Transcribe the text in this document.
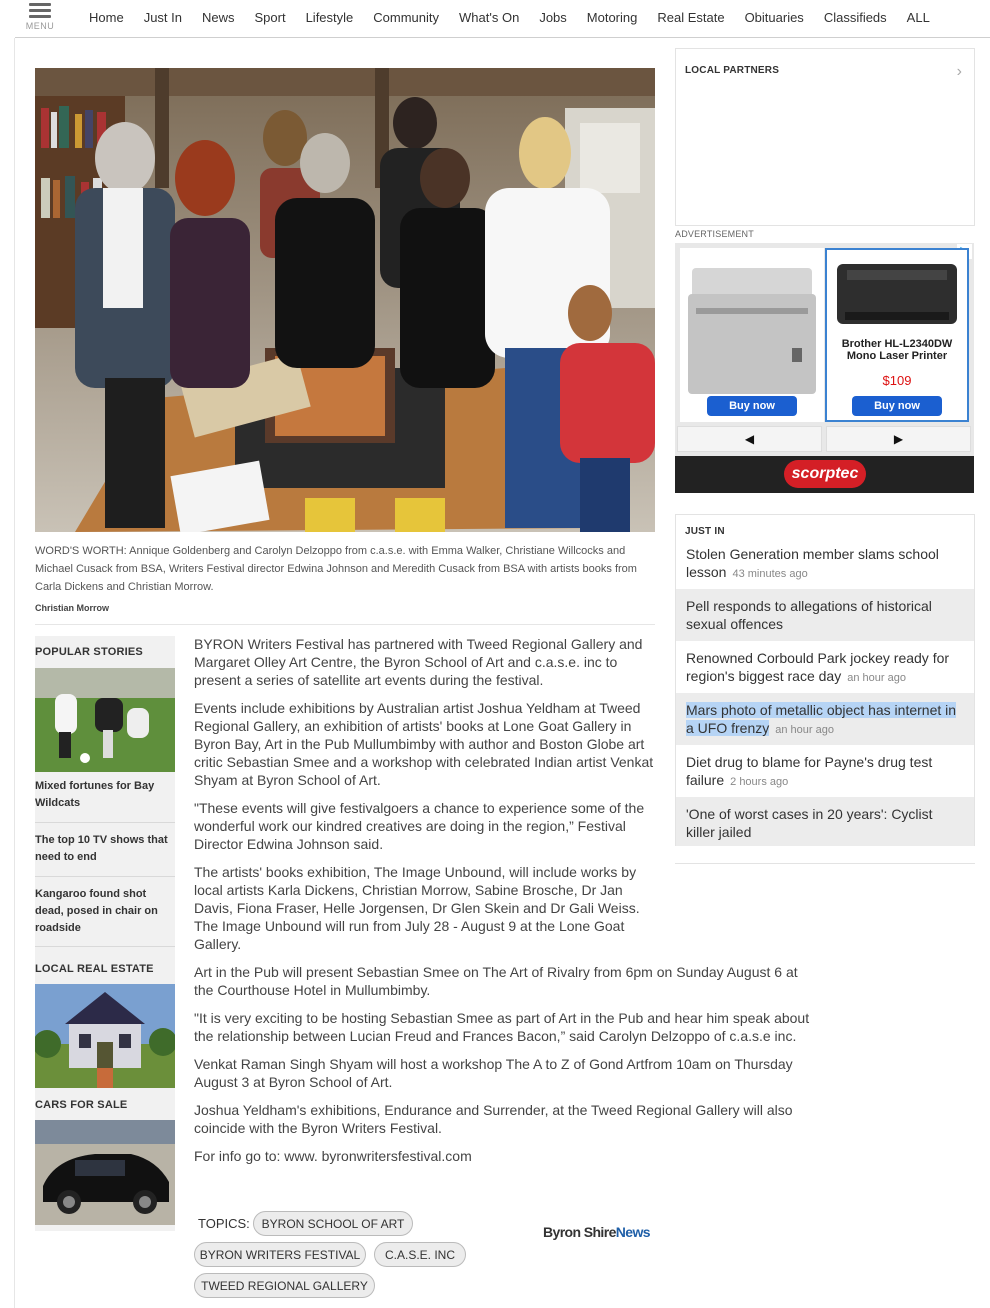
MENU
Home Just In News Sport Lifestyle Community What's On Jobs Motoring Real Estate Obituaries Classifieds ALL

WORD'S WORTH: Annique Goldenberg and Carolyn Delzoppo from c.a.s.e. with Emma Walker, Christiane Willcocks and Michael Cusack from BSA, Writers Festival director Edwina Johnson and Meredith Cusack from BSA with artists books from Carla Dickens and Christian Morrow.

Christian Morrow
POPULAR STORIES
Mixed fortunes for Bay Wildcats
The top 10 TV shows that need to end
Kangaroo found shot dead, posed in chair on roadside
LOCAL REAL ESTATE
CARS FOR SALE

BYRON Writers Festival has partnered with Tweed Regional Gallery and Margaret Olley Art Centre, the Byron School of Art and c.a.s.e. inc to present a series of satellite art events during the festival.

Events include exhibitions by Australian artist Joshua Yeldham at Tweed Regional Gallery, an exhibition of artists' books at Lone Goat Gallery in Byron Bay, Art in the Pub Mullumbimby with author and Boston Globe art critic Sebastian Smee and a workshop with celebrated Indian artist Venkat Shyam at Byron School of Art.

"These events will give festivalgoers a chance to experience some of the wonderful work our kindred creatives are doing in the region,” Festival Director Edwina Johnson said.

The artists' books exhibition, The Image Unbound, will include works by local artists Karla Dickens, Christian Morrow, Sabine Brosche, Dr Jan Davis, Fiona Fraser, Helle Jorgensen, Dr Glen Skein and Dr Gali Weiss. The Image Unbound will run from July 28 - August 9 at the Lone Goat Gallery.

Art in the Pub will present Sebastian Smee on The Art of Rivalry from 6pm on Sunday August 6 at the Courthouse Hotel in Mullumbimby.

"It is very exciting to be hosting Sebastian Smee as part of Art in the Pub and hear him speak about the relationship between Lucian Freud and Frances Bacon,” said Carolyn Delzoppo of c.a.s.e inc.

Venkat Raman Singh Shyam will host a workshop The A to Z of Gond Artfrom 10am on Thursday August 3 at Byron School of Art.

Joshua Yeldham's exhibitions, Endurance and Surrender, at the Tweed Regional Gallery will also coincide with the Byron Writers Festival.

For info go to: www. byronwritersfestival.com

TOPICS: BYRON SCHOOL OF ART
BYRON WRITERS FESTIVAL	C.A.S.E. INC
TWEED REGIONAL GALLERY
Byron ShireNews
LOCAL PARTNERS	›
ADVERTISEMENT
Buy now
Brother HL-L2340DW Mono Laser Printer
$109
Buy now
◀	▶
scorptec
JUST IN
Stolen Generation member slams school lesson 43 minutes ago
Pell responds to allegations of historical sexual offences
Renowned Corbould Park jockey ready for region's biggest race day an hour ago
Mars photo of metallic object has internet in a UFO frenzy an hour ago
Diet drug to blame for Payne's drug test failure 2 hours ago
'One of worst cases in 20 years': Cyclist killer jailed
